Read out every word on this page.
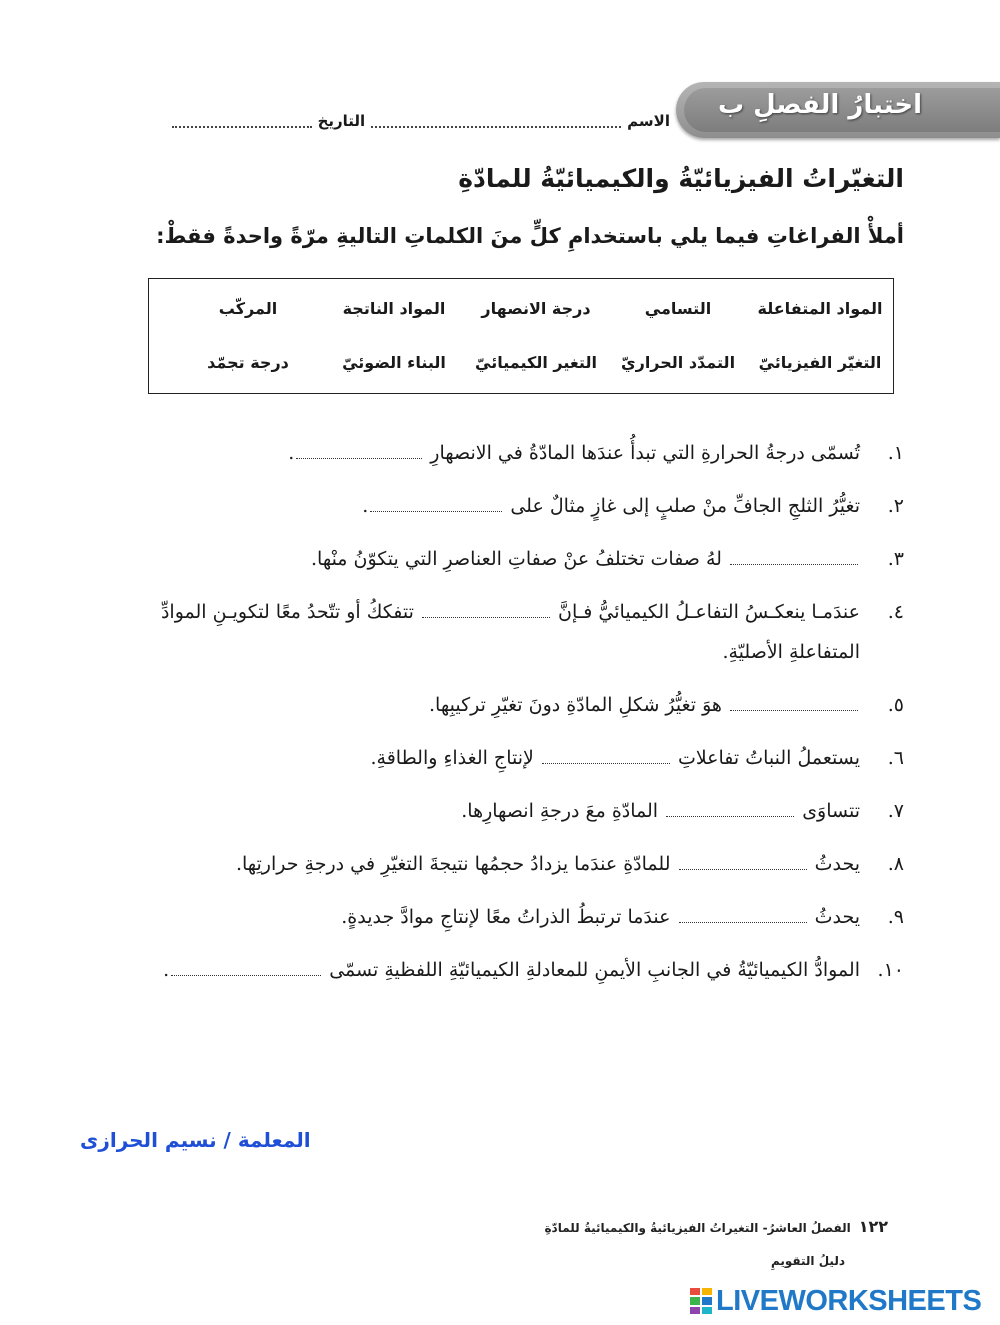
اختبارُ الفصلِ ب
الاسم
التاريخ
التغيّراتُ الفيزيائيّةُ والكيميائيّةُ للمادّةِ
أملأْ الفراغاتِ فيما يلي باستخدامِ كلٍّ منَ الكلماتِ التاليةِ مرّةً واحدةً فقطْ:
المواد المتفاعلة
التسامي
درجة الانصهار
المواد الناتجة
المركّب
التغيّر الفيزيائيّ
التمدّد الحراريّ
التغير الكيميائيّ
البناء الضوئيّ
درجة تجمّد
١.تُسمّى درجةُ الحرارةِ التي تبدأُ عندَها المادّةُ في الانصهارِ .
٢.تغيُّرُ الثلجِ الجافِّ منْ صلبٍ إلى غازٍ مثالٌ على .
٣. لهُ صفات تختلفُ عنْ صفاتِ العناصرِ التي يتكوّنُ منْها.
٤.عندَمـا ينعكـسُ التفاعـلُ الكيميائيُّ فـإنَّ  تتفككُ أو تتّحدُ معًا لتكويـنِ الموادِّ
المتفاعلةِ الأصليّةِ.
٥. هوَ تغيُّرُ شكلِ المادّةِ دونَ تغيّرِ تركيبِها.
٦.يستعملُ النباتُ تفاعلاتِ  لإنتاجِ الغذاءِ والطاقةِ.
٧.تتساوَى  المادّةِ معَ درجةِ انصهارِها.
٨.يحدثُ  للمادّةِ عندَما يزدادُ حجمُها نتيجةَ التغيّرِ في درجةِ حرارتِها.
٩.يحدثُ  عندَما ترتبطُ الذراتُ معًا لإنتاجِ موادَّ جديدةٍ.
١٠.الموادُّ الكيميائيّةُ في الجانبِ الأيمنِ للمعادلةِ الكيميائيّةِ اللفظيةِ تسمّى .
المعلمة / نسيم الحرازى
١٢٢الفصلُ العاشرُ- التغيراتُ الفيزيائيةُ والكيميائيةُ للمادّةِ
دليلُ التقويمِ
LIVEWORKSHEETS
